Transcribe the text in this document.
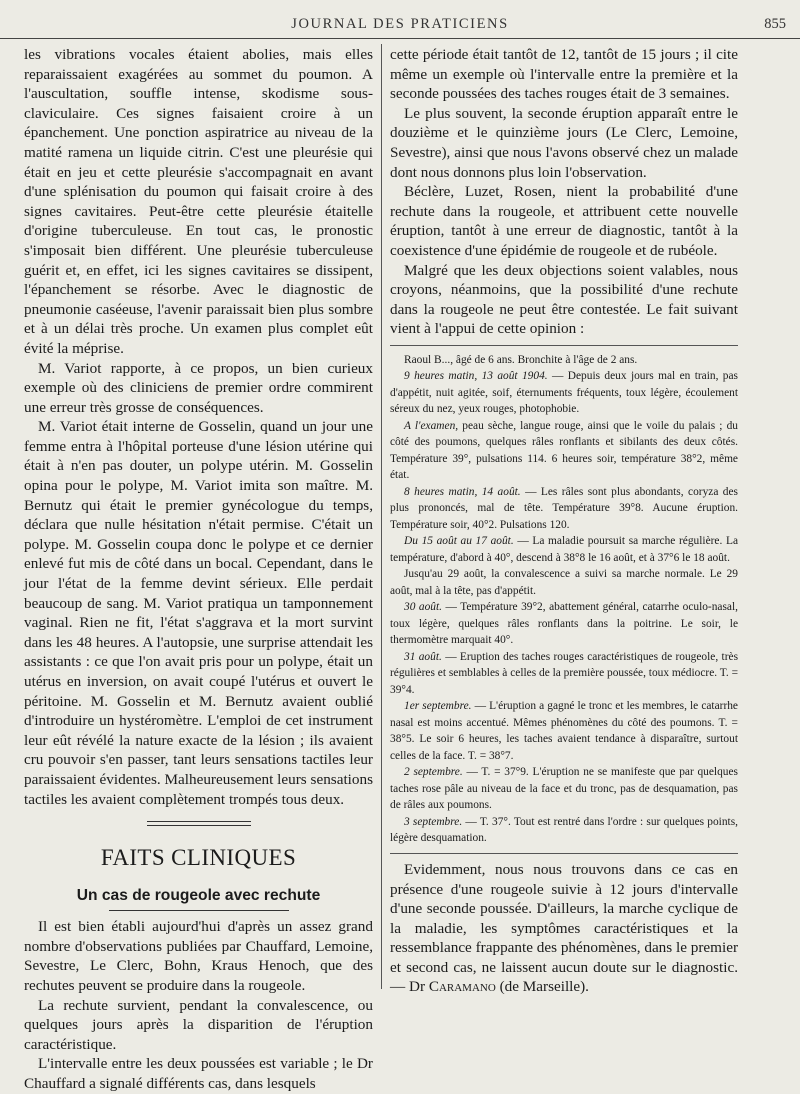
JOURNAL DES PRATICIENS	855

les vibrations vocales étaient abolies, mais elles reparaissaient exagérées au sommet du poumon. A l'auscultation, souffle intense, skodisme sous-claviculaire. Ces signes faisaient croire à un épanchement. Une ponction aspiratrice au niveau de la matité ramena un liquide citrin. C'est une pleurésie qui était en jeu et cette pleurésie s'accompagnait en avant d'une splénisation du poumon qui faisait croire à des signes cavitaires. Peut-être cette pleurésie étaitelle d'origine tuberculeuse. En tout cas, le pronostic s'imposait bien différent. Une pleurésie tuberculeuse guérit et, en effet, ici les signes cavitaires se dissipent, l'épanchement se résorbe. Avec le diagnostic de pneumonie caséeuse, l'avenir paraissait bien plus sombre et à un délai très proche. Un examen plus complet eût évité la méprise.

M. Variot rapporte, à ce propos, un bien curieux exemple où des cliniciens de premier ordre commirent une erreur très grosse de conséquences.

M. Variot était interne de Gosselin, quand un jour une femme entra à l'hôpital porteuse d'une lésion utérine qui était à n'en pas douter, un polype utérin. M. Gosselin opina pour le polype, M. Variot imita son maître. M. Bernutz qui était le premier gynécologue du temps, déclara que nulle hésitation n'était permise. C'était un polype. M. Gosselin coupa donc le polype et ce dernier enlevé fut mis de côté dans un bocal. Cependant, dans le jour l'état de la femme devint sérieux. Elle perdait beaucoup de sang. M. Variot pratiqua un tamponnement vaginal. Rien ne fit, l'état s'aggrava et la mort survint dans les 48 heures. A l'autopsie, une surprise attendait les assistants : ce que l'on avait pris pour un polype, était un utérus en inversion, on avait coupé l'utérus et ouvert le péritoine. M. Gosselin et M. Bernutz avaient oublié d'introduire un hystéromètre. L'emploi de cet instrument leur eût révélé la nature exacte de la lésion ; ils avaient cru pouvoir s'en passer, tant leurs sensations tactiles leur paraissaient évidentes. Malheureusement leurs sensations tactiles les avaient complètement trompés tous deux.

FAITS CLINIQUES
Un cas de rougeole avec rechute

Il est bien établi aujourd'hui d'après un assez grand nombre d'observations publiées par Chauffard, Lemoine, Sevestre, Le Clerc, Bohn, Kraus Henoch, que des rechutes peuvent se produire dans la rougeole.

La rechute survient, pendant la convalescence, ou quelques jours après la disparition de l'éruption caractéristique.

L'intervalle entre les deux poussées est variable ; le Dr Chauffard a signalé différents cas, dans lesquels

cette période était tantôt de 12, tantôt de 15 jours ; il cite même un exemple où l'intervalle entre la première et la seconde poussées des taches rouges était de 3 semaines.

Le plus souvent, la seconde éruption apparaît entre le douzième et le quinzième jours (Le Clerc, Lemoine, Sevestre), ainsi que nous l'avons observé chez un malade dont nous donnons plus loin l'observation.

Béclère, Luzet, Rosen, nient la probabilité d'une rechute dans la rougeole, et attribuent cette nouvelle éruption, tantôt à une erreur de diagnostic, tantôt à la coexistence d'une épidémie de rougeole et de rubéole.

Malgré que les deux objections soient valables, nous croyons, néanmoins, que la possibilité d'une rechute dans la rougeole ne peut être contestée. Le fait suivant vient à l'appui de cette opinion :

Raoul B..., âgé de 6 ans. Bronchite à l'âge de 2 ans.

9 heures matin, 13 août 1904. — Depuis deux jours mal en train, pas d'appétit, nuit agitée, soif, éternuments fréquents, toux légère, écoulement séreux du nez, yeux rouges, photophobie.

A l'examen, peau sèche, langue rouge, ainsi que le voile du palais ; du côté des poumons, quelques râles ronflants et sibilants des deux côtés. Température 39°, pulsations 114. 6 heures soir, température 38°2, même état.

8 heures matin, 14 août. — Les râles sont plus abondants, coryza des plus prononcés, mal de tête. Température 39°8. Aucune éruption. Température soir, 40°2. Pulsations 120.

Du 15 août au 17 août. — La maladie poursuit sa marche régulière. La température, d'abord à 40°, descend à 38°8 le 16 août, et à 37°6 le 18 août.

Jusqu'au 29 août, la convalescence a suivi sa marche normale. Le 29 août, mal à la tête, pas d'appétit.

30 août. — Température 39°2, abattement général, catarrhe oculo-nasal, toux légère, quelques râles ronflants dans la poitrine. Le soir, le thermomètre marquait 40°.

31 août. — Eruption des taches rouges caractéristiques de rougeole, très régulières et semblables à celles de la première poussée, toux médiocre. T. = 39°4.

1er septembre. — L'éruption a gagné le tronc et les membres, le catarrhe nasal est moins accentué. Mêmes phénomènes du côté des poumons. T. = 38°5. Le soir 6 heures, les taches avaient tendance à disparaître, surtout celles de la face. T. = 38°7.

2 septembre. — T. = 37°9. L'éruption ne se manifeste que par quelques taches rose pâle au niveau de la face et du tronc, pas de desquamation, pas de râles aux poumons.

3 septembre. — T. 37°. Tout est rentré dans l'ordre : sur quelques points, légère desquamation.

Evidemment, nous nous trouvons dans ce cas en présence d'une rougeole suivie à 12 jours d'intervalle d'une seconde poussée. D'ailleurs, la marche cyclique de la maladie, les symptômes caractéristiques et la ressemblance frappante des phénomènes, dans le premier et second cas, ne laissent aucun doute sur le diagnostic. — Dr Caramano (de Marseille).
